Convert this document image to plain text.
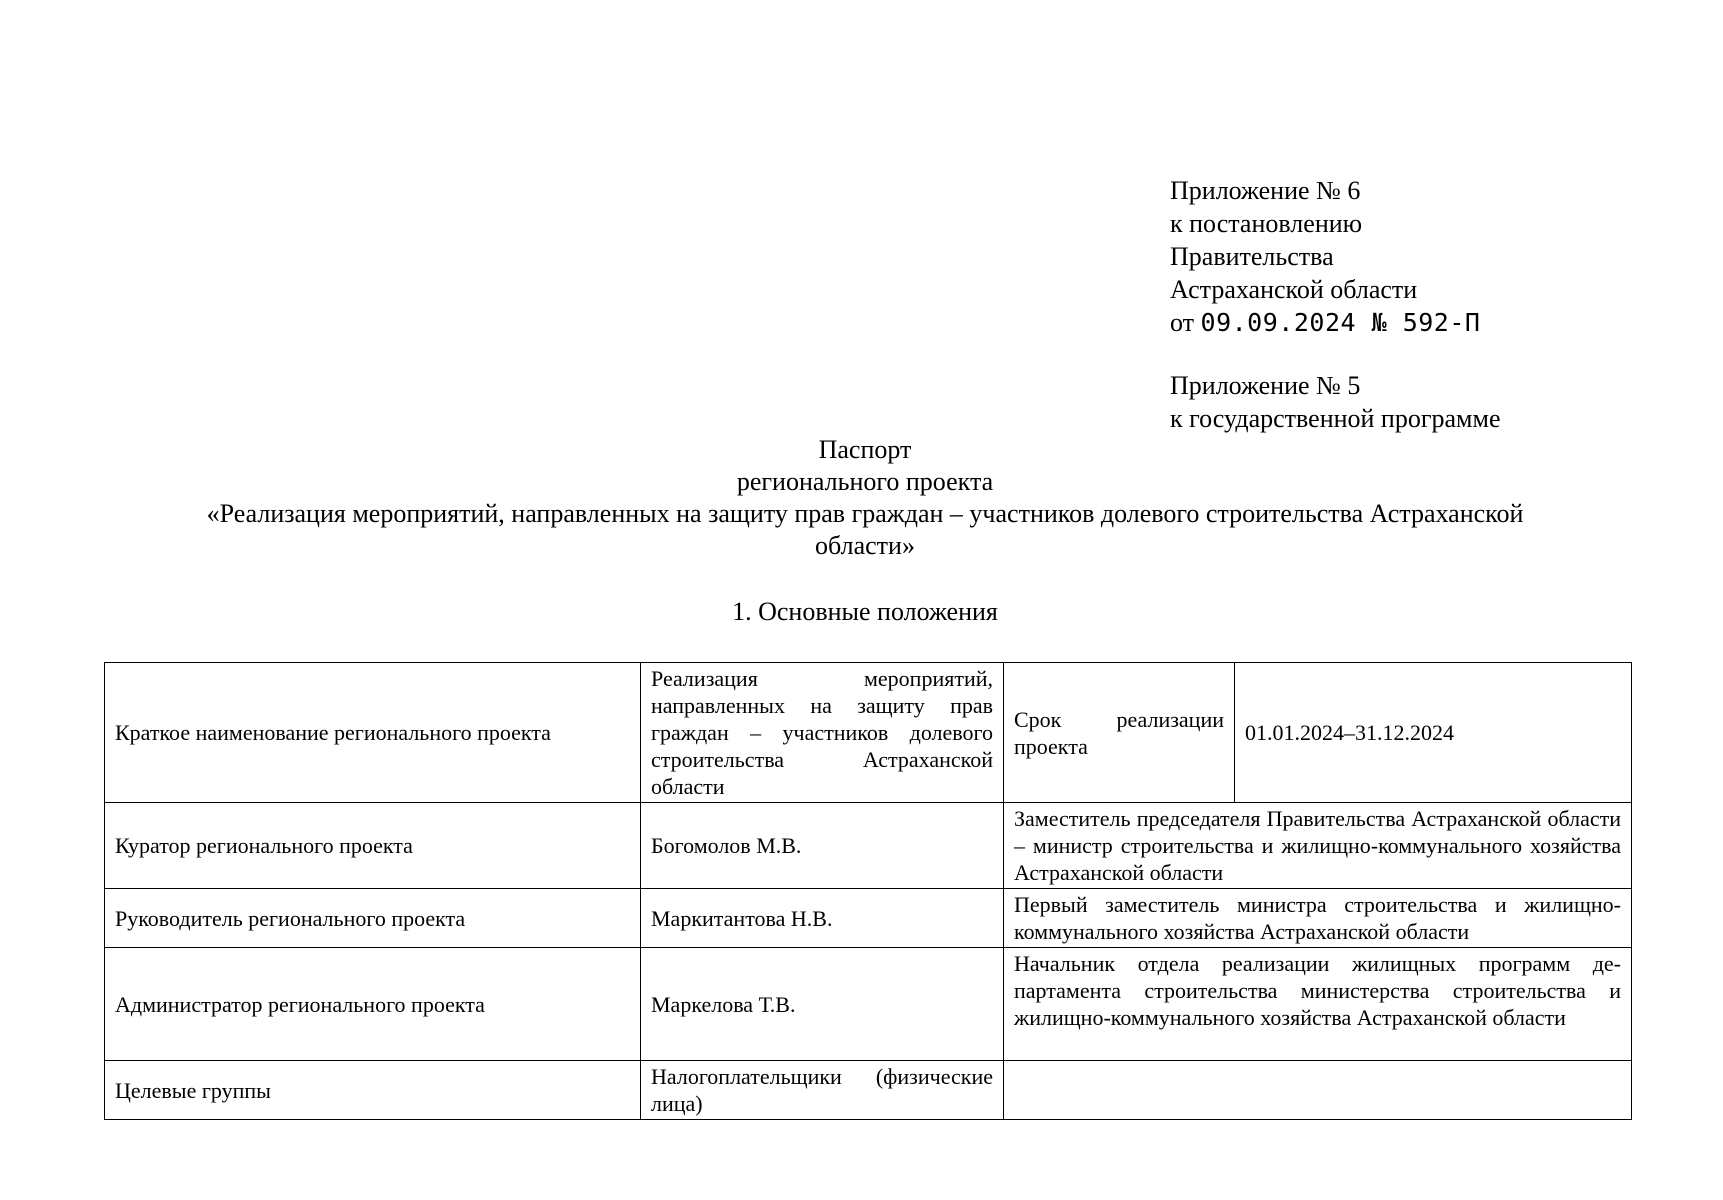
Приложение № 6
к постановлению
Правительства
Астраханской области
от 09.09.2024 № 592-П
Приложение № 5
к государственной программе
Паспорт
регионального проекта
«Реализация мероприятий, направленных на защиту прав граждан – участников долевого строительства Астраханской
области»
1. Основные положения
Краткое наименование регионального проекта	Реализация мероприятий, направленных на защиту прав граждан – участников долевого строительства Астраханской области	Срок реализации проекта	01.01.2024–31.12.2024
Куратор регионального проекта	Богомолов М.В.	Заместитель председателя Правительства Астраханской области – министр строительства и жилищно-коммунального хозяйства Астраханской области	
Руководитель регионального проекта	Маркитантова Н.В.	Первый заместитель министра строительства и жилищно-коммунального хозяйства Астраханской области	
Администратор регионального проекта	Маркелова Т.В.	Начальник отдела реализации жилищных программ департамента строительства министерства строительства и жилищно-коммунального хозяйства Астраханской области	
Целевые группы	Налогоплательщики (физические лица)		
